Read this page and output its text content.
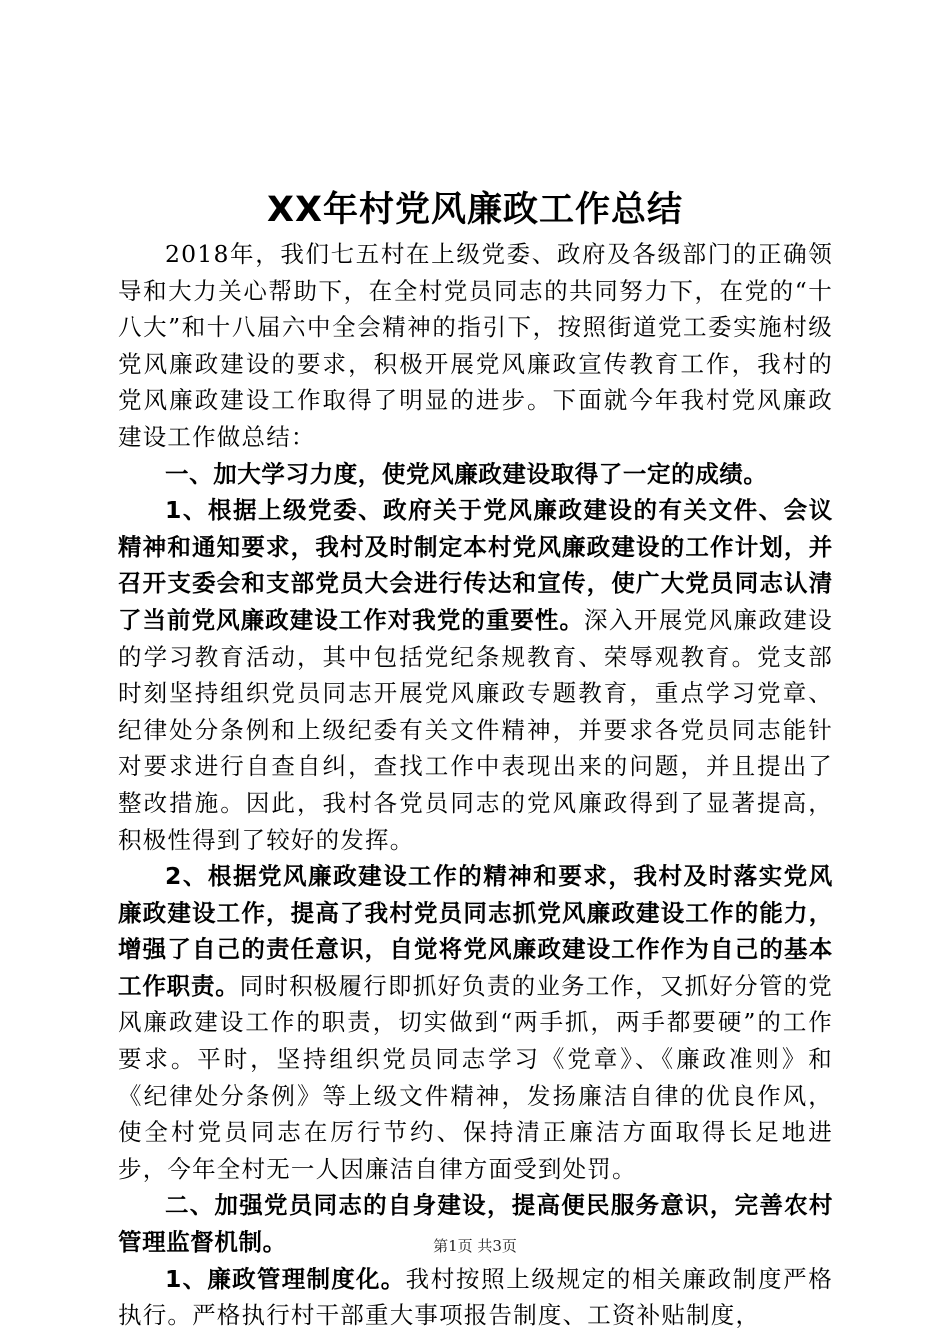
XX年村党风廉政工作总结

2018年，我们七五村在上级党委、政府及各级部门的正确领导和大力关心帮助下，在全村党员同志的共同努力下，在党的“十八大”和十八届六中全会精神的指引下，按照街道党工委实施村级党风廉政建设的要求，积极开展党风廉政宣传教育工作，我村的党风廉政建设工作取得了明显的进步。下面就今年我村党风廉政建设工作做总结：

一、加大学习力度，使党风廉政建设取得了一定的成绩。

1、根据上级党委、政府关于党风廉政建设的有关文件、会议精神和通知要求，我村及时制定本村党风廉政建设的工作计划，并召开支委会和支部党员大会进行传达和宣传，使广大党员同志认清了当前党风廉政建设工作对我党的重要性。深入开展党风廉政建设的学习教育活动，其中包括党纪条规教育、荣辱观教育。党支部时刻坚持组织党员同志开展党风廉政专题教育，重点学习党章、纪律处分条例和上级纪委有关文件精神，并要求各党员同志能针对要求进行自查自纠，查找工作中表现出来的问题，并且提出了整改措施。因此，我村各党员同志的党风廉政得到了显著提高，积极性得到了较好的发挥。

2、根据党风廉政建设工作的精神和要求，我村及时落实党风廉政建设工作，提高了我村党员同志抓党风廉政建设工作的能力，增强了自己的责任意识，自觉将党风廉政建设工作作为自己的基本工作职责。同时积极履行即抓好负责的业务工作，又抓好分管的党风廉政建设工作的职责，切实做到“两手抓，两手都要硬”的工作要求。平时，坚持组织党员同志学习《党章》、《廉政准则》和《纪律处分条例》等上级文件精神，发扬廉洁自律的优良作风，使全村党员同志在厉行节约、保持清正廉洁方面取得长足地进步，今年全村无一人因廉洁自律方面受到处罚。

二、加强党员同志的自身建设，提高便民服务意识，完善农村管理监督机制。

1、廉政管理制度化。我村按照上级规定的相关廉政制度严格执行。严格执行村干部重大事项报告制度、工资补贴制度，

第1页 共3页
